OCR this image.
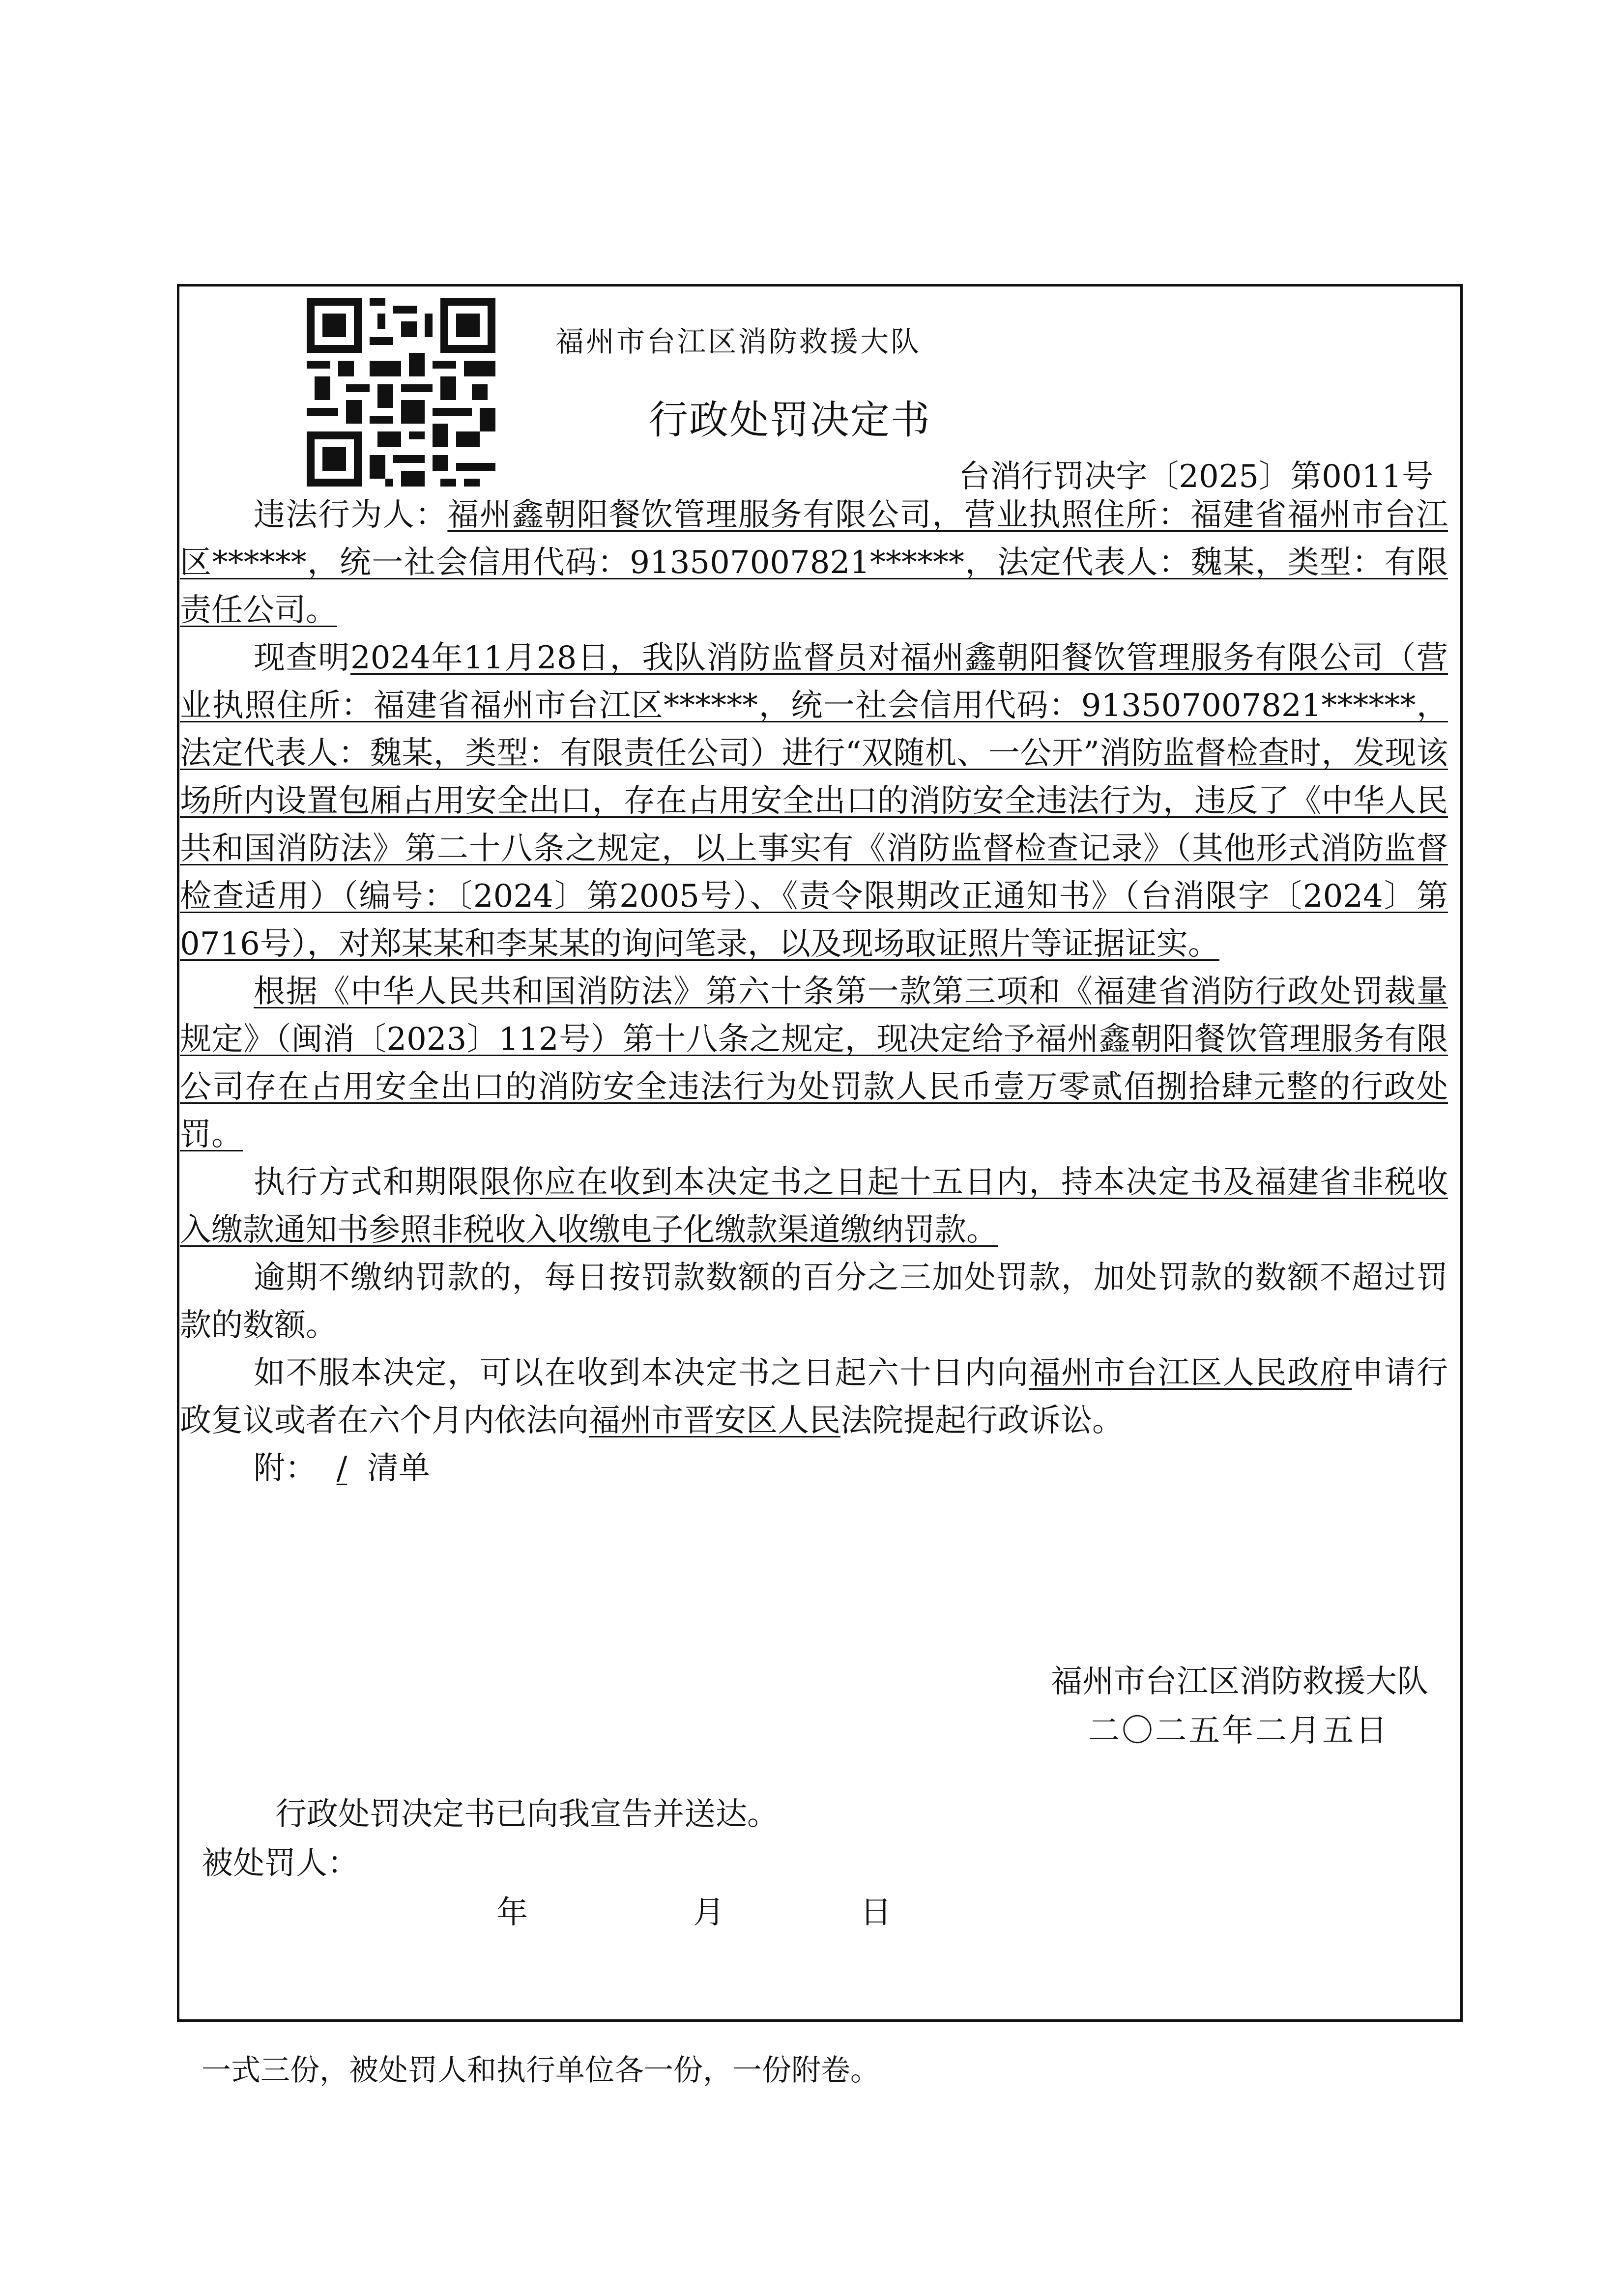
福州市台江区消防救援大队
行政处罚决定书
台消行罚决字〔2025〕第0011号

违法行为人：福州鑫朝阳餐饮管理服务有限公司，营业执照住所：福建省福州市台江区******，统一社会信用代码：913507007821******，法定代表人：魏某，类型：有限责任公司。

现查明2024年11月28日，我队消防监督员对福州鑫朝阳餐饮管理服务有限公司（营业执照住所：福建省福州市台江区******，统一社会信用代码：913507007821******，法定代表人：魏某，类型：有限责任公司）进行“双随机、一公开”消防监督检查时，发现该场所内设置包厢占用安全出口，存在占用安全出口的消防安全违法行为，违反了《中华人民共和国消防法》第二十八条之规定，以上事实有《消防监督检查记录》（其他形式消防监督检查适用）（编号：〔2024〕第2005号）、《责令限期改正通知书》（台消限字〔2024〕第0716号），对郑某某和李某某的询问笔录，以及现场取证照片等证据证实。

根据《中华人民共和国消防法》第六十条第一款第三项和《福建省消防行政处罚裁量规定》（闽消〔2023〕112号）第十八条之规定，现决定给予福州鑫朝阳餐饮管理服务有限公司存在占用安全出口的消防安全违法行为处罚款人民币壹万零贰佰捌拾肆元整的行政处罚。

执行方式和期限限你应在收到本决定书之日起十五日内，持本决定书及福建省非税收入缴款通知书参照非税收入收缴电子化缴款渠道缴纳罚款。

逾期不缴纳罚款的，每日按罚款数额的百分之三加处罚款，加处罚款的数额不超过罚款的数额。

如不服本决定，可以在收到本决定书之日起六十日内向福州市台江区人民政府申请行政复议或者在六个月内依法向福州市晋安区人民法院提起行政诉讼。

附： / 清单

福州市台江区消防救援大队
二〇二五年二月五日
行政处罚决定书已向我宣告并送达。
被处罚人：
年	月	日
一式三份，被处罚人和执行单位各一份，一份附卷。
